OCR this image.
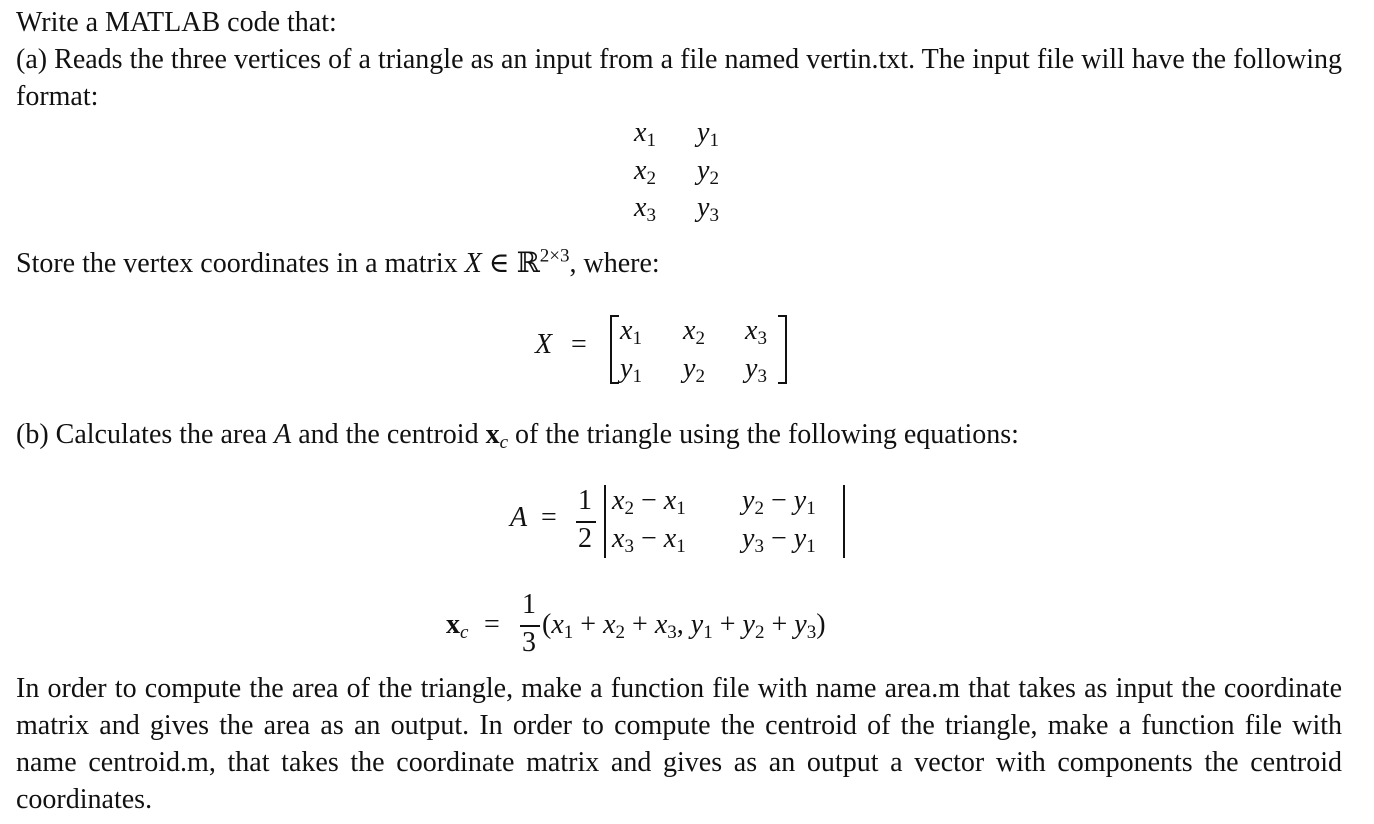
Write a MATLAB code that:
(a) Reads the three vertices of a triangle as an input from a file named vertin.txt. The input file will have the following format:
$x_1$ $y_1$
$x_2$ $y_2$
$x_3$ $y_3$
Store the vertex coordinates in a matrix X ∈ ℝ$^{2\times 3}$, where:
$X = x_1$ $x_2$ $x_3$
$y_1$ $y_2$ $y_3$
(b) Calculates the area A and the centroid $x_c$ of the triangle using the following equations:
A =
1
2
$x_2 - x_1$ $y_2 - y_1$
$x_3 - x_1$ $y_3 - y_1$
$x_c$ =
1
3
($x_1 + x_2 + x_3$, $y_1 + y_2 + y_3$)
In order to compute the area of the triangle, make a function file with name area.m that takes as input the coordinate matrix and gives the area as an output. In order to compute the centroid of the triangle, make a function file with name centroid.m, that takes the coordinate matrix and gives as an output a vector with components the centroid coordinates.
